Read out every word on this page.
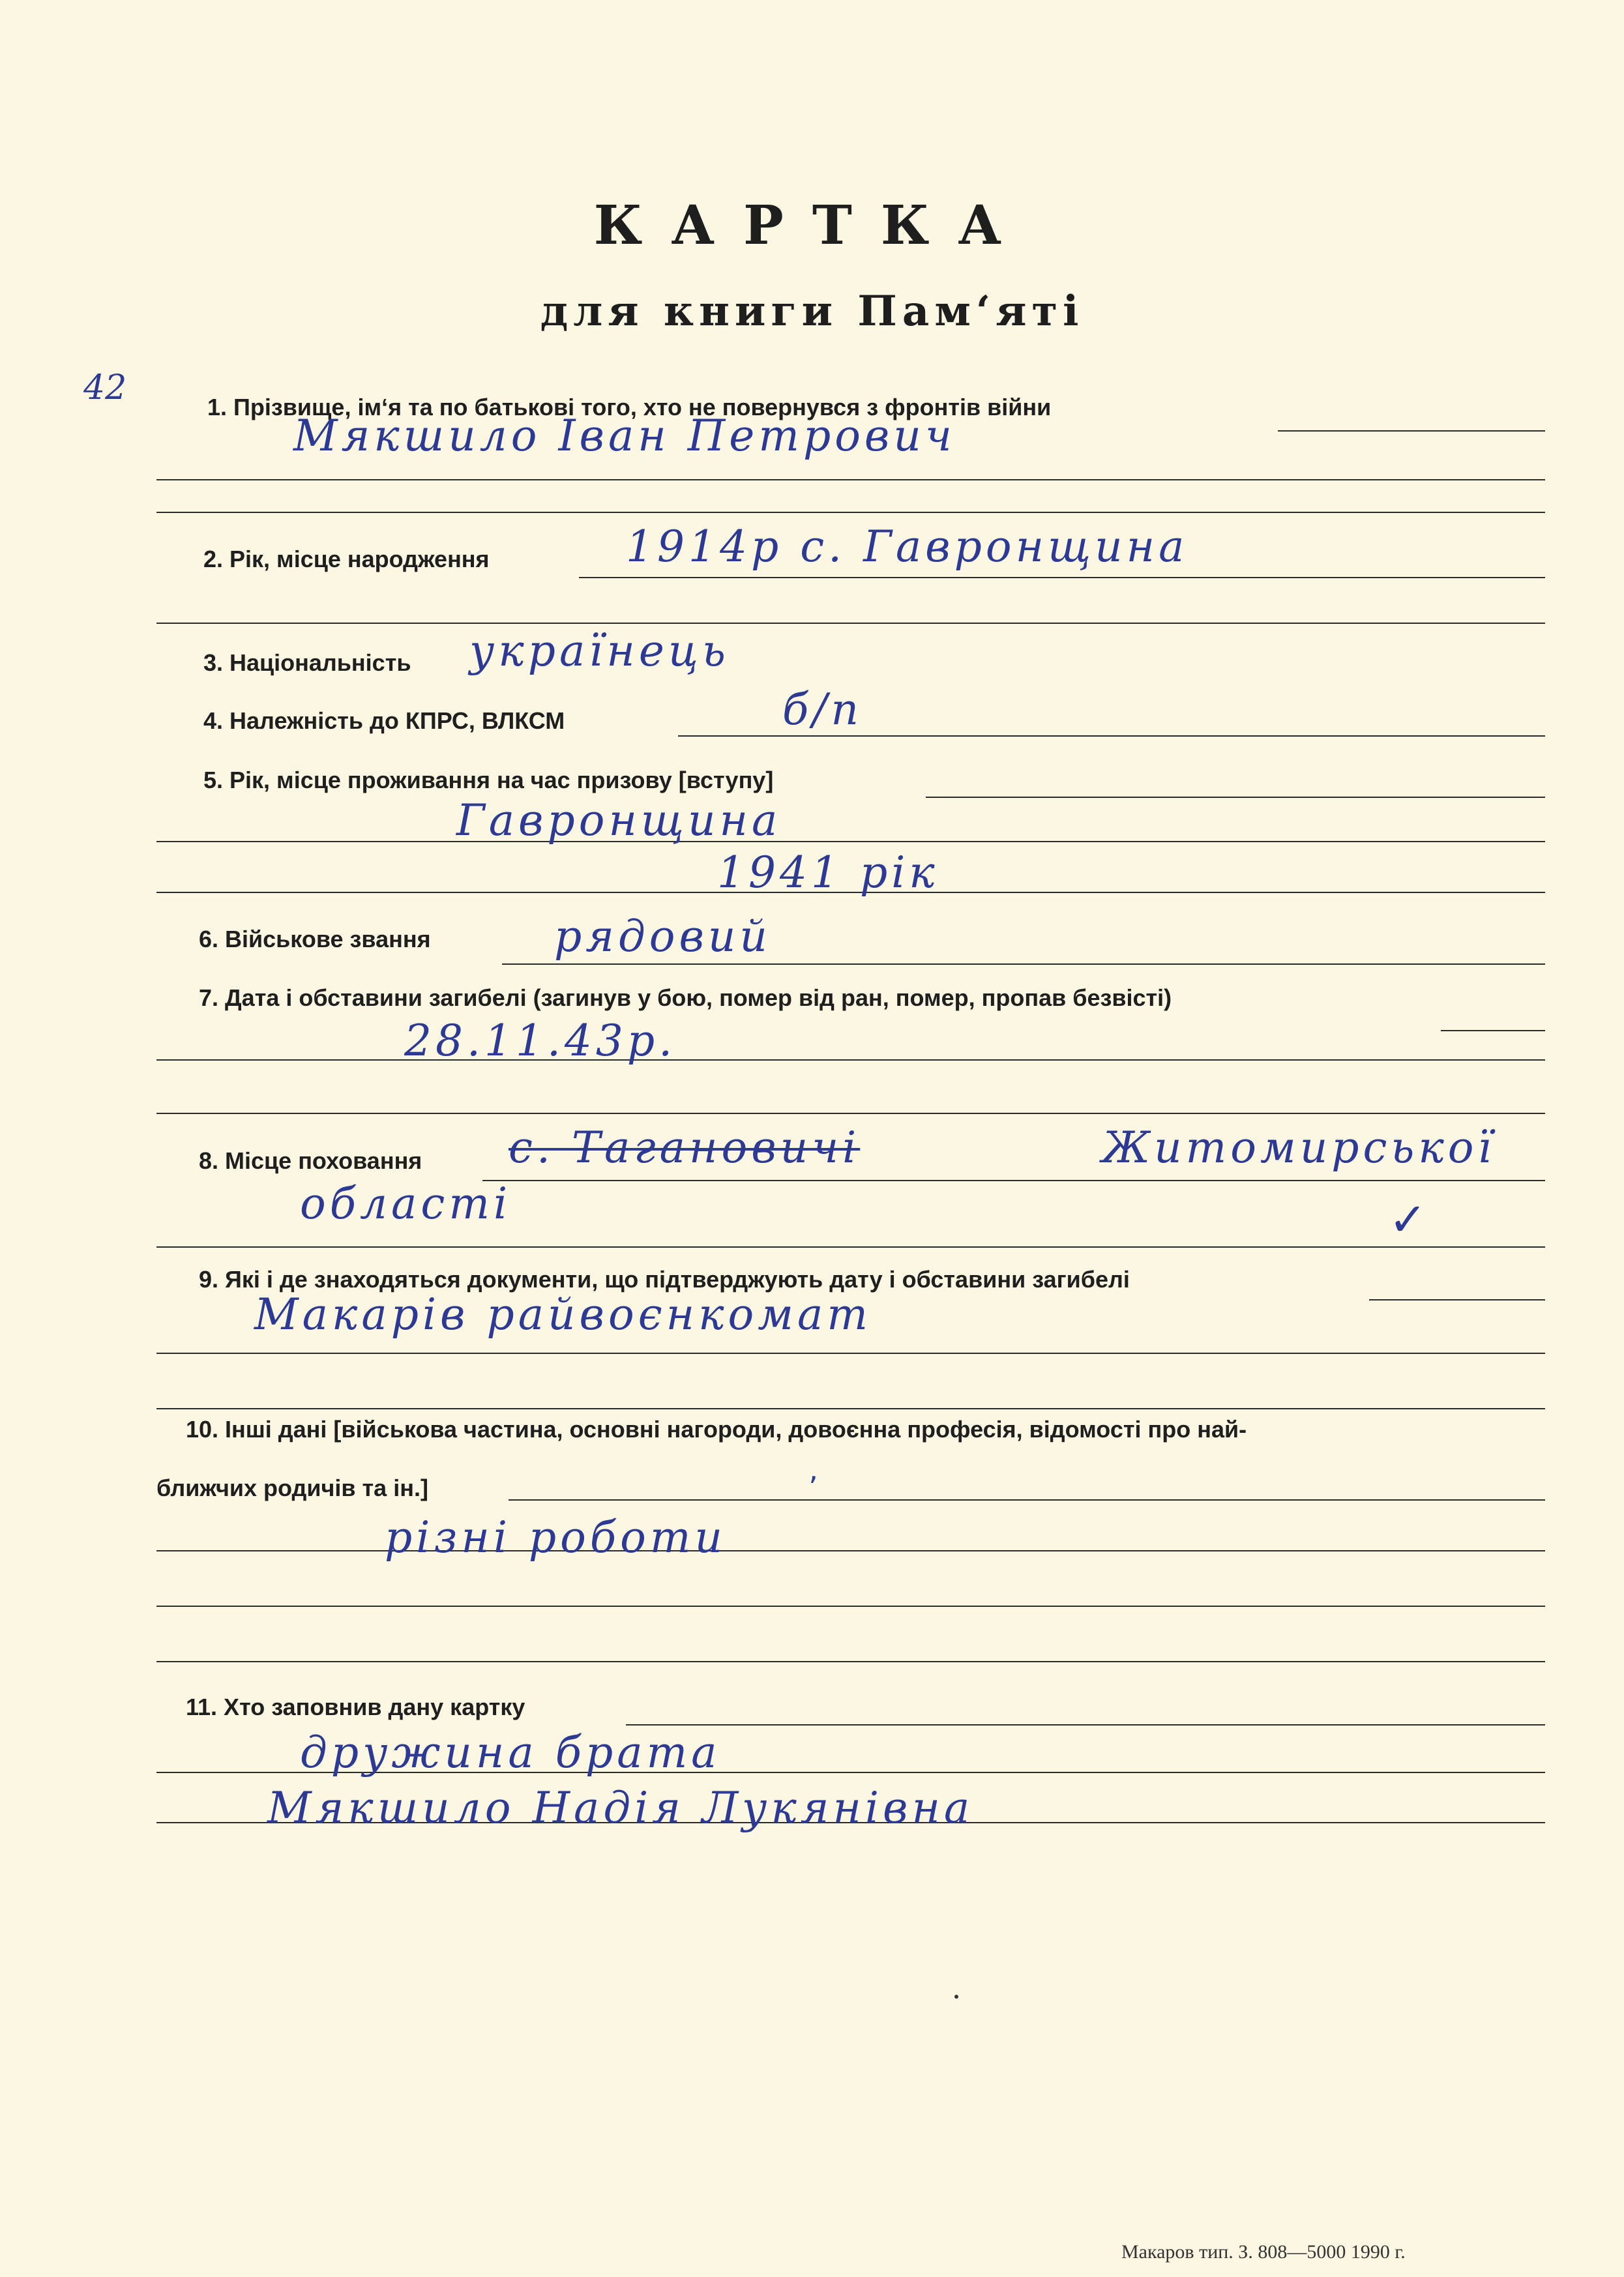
КАРТКА
для книги Пам‘яті
42	1. Прізвище, ім‘я та по батькові того, хто не повернувся з фронтів війни
Мякшило Іван Петрович
2. Рік, місце народження	1914р с. Гавронщина
3. Національність українець
4. Належність до КПРС, ВЛКСМ	б/п
5. Рік, місце проживання на час призову [вступу]
Гавронщина
1941 рік
6. Військове звання	рядовий
7. Дата і обставини загибелі (загинув у бою, помер від ран, помер, пропав безвісті)
28.11.43р.
8. Місце поховання с. Тагановичі	Житомирської
області	✓
9. Які і де знаходяться документи, що підтверджують дату і обставини загибелі
Макарів райвоєнкомат
10. Інші дані [військова частина, основні нагороди, довоєнна професія, відомості про най-
ближчих родичів та ін.]
різні роботи
ʼ
11. Хто заповнив дану картку
дружина брата
Мякшило Надія Лукянівна
Макаров тип. З. 808—5000 1990 г.
